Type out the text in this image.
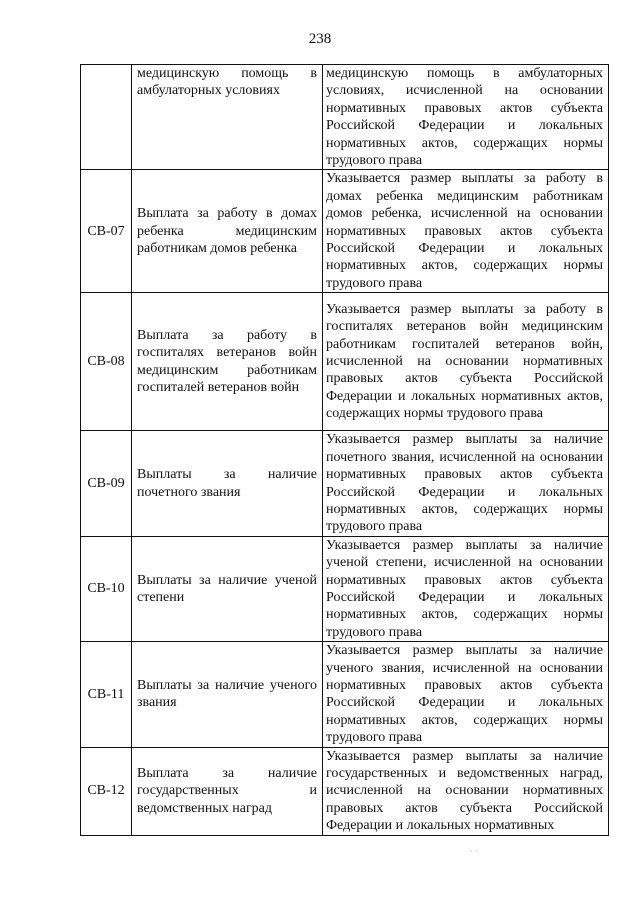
238
	медицинскую помощь в амбулаторных условиях	медицинскую помощь в амбулаторных условиях, исчисленной на основании нормативных правовых актов субъекта Российской Федерации и локальных нормативных актов, содержащих нормы трудового права
СВ-07	Выплата за работу в домах ребенка медицинским работникам домов ребенка	Указывается размер выплаты за работу в домах ребенка медицинским работникам домов ребенка, исчисленной на основании нормативных правовых актов субъекта Российской Федерации и локальных нормативных актов, содержащих нормы трудового права
СВ-08	Выплата за работу в госпиталях ветеранов войн медицинским работникам госпиталей ветеранов войн	Указывается размер выплаты за работу в госпиталях ветеранов войн медицинским работникам госпиталей ветеранов войн, исчисленной на основании нормативных правовых актов субъекта Российской Федерации и локальных нормативных актов, содержащих нормы трудового права
СВ-09	Выплаты за наличие почетного звания	Указывается размер выплаты за наличие почетного звания, исчисленной на основании нормативных правовых актов субъекта Российской Федерации и локальных нормативных актов, содержащих нормы трудового права
СВ-10	Выплаты за наличие ученой степени	Указывается размер выплаты за наличие ученой степени, исчисленной на основании нормативных правовых актов субъекта Российской Федерации и локальных нормативных актов, содержащих нормы трудового права
СВ-11	Выплаты за наличие ученого звания	Указывается размер выплаты за наличие ученого звания, исчисленной на основании нормативных правовых актов субъекта Российской Федерации и локальных нормативных актов, содержащих нормы трудового права
СВ-12	Выплата за наличие государственных и ведомственных наград	Указывается размер выплаты за наличие государственных и ведомственных наград, исчисленной на основании нормативных правовых актов субъекта Российской Федерации и локальных нормативных
· ·
